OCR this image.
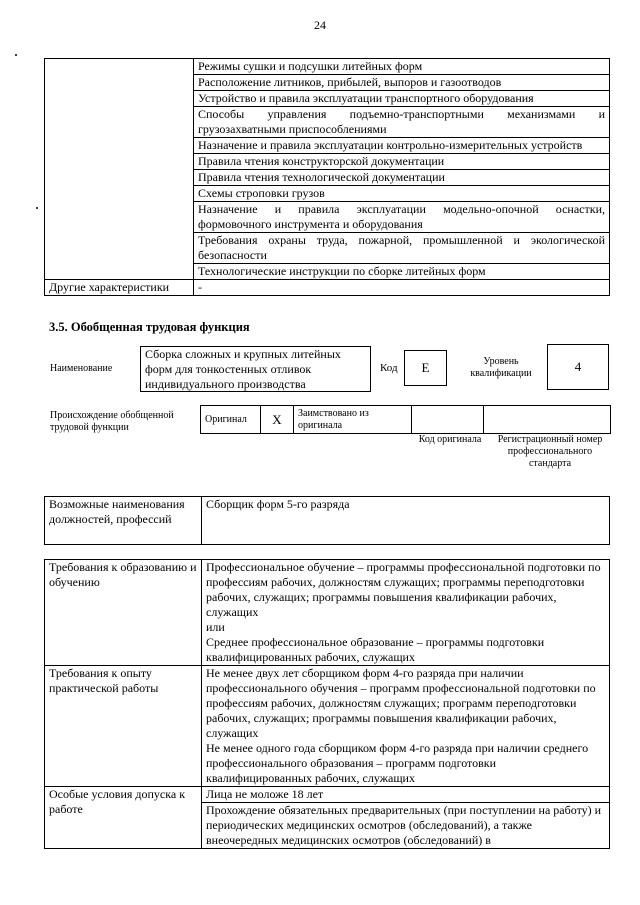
24
	Режимы сушки и подсушки литейных форм
	Расположение литников, прибылей, выпоров и газоотводов
	Устройство и правила эксплуатации транспортного оборудования
	Способы управления подъемно-транспортными механизмами и грузозахватными приспособлениями
	Назначение и правила эксплуатации контрольно-измерительных устройств
	Правила чтения конструкторской документации
	Правила чтения технологической документации
	Схемы строповки грузов
	Назначение и правила эксплуатации модельно-опочной оснастки, формовочного инструмента и оборудования
	Требования охраны труда, пожарной, промышленной и экологической безопасности
	Технологические инструкции по сборке литейных форм
Другие характеристики	-
3.5. Обобщенная трудовая функция
Наименование
Сборка сложных и крупных литейных форм для тонкостенных отливок индивидуального производства
Код	E	Уровень квалификации	4
Происхождение обобщенной трудовой функции
Оригинал	X	Заимствовано из оригинала		
Код оригинала	Регистрационный номер профессионального стандарта
Возможные наименования должностей, профессий	Сборщик форм 5-го разряда
Требования к образованию и обучению	Профессиональное обучение – программы профессиональной подготовки по профессиям рабочих, должностям служащих; программы переподготовки рабочих, служащих; программы повышения квалификации рабочих, служащих
или
Среднее профессиональное образование – программы подготовки квалифицированных рабочих, служащих

Требования к опыту практической работы	Не менее двух лет сборщиком форм 4-го разряда при наличии профессионального обучения – программ профессиональной подготовки по профессиям рабочих, должностям служащих; программ переподготовки рабочих, служащих; программы повышения квалификации рабочих, служащих
Не менее одного года сборщиком форм 4-го разряда при наличии среднего профессионального образования – программ подготовки квалифицированных рабочих, служащих

Особые условия допуска к работе	Лица не моложе 18 лет
	Прохождение обязательных предварительных (при поступлении на работу) и периодических медицинских осмотров (обследований), а также внеочередных медицинских осмотров (обследований) в
